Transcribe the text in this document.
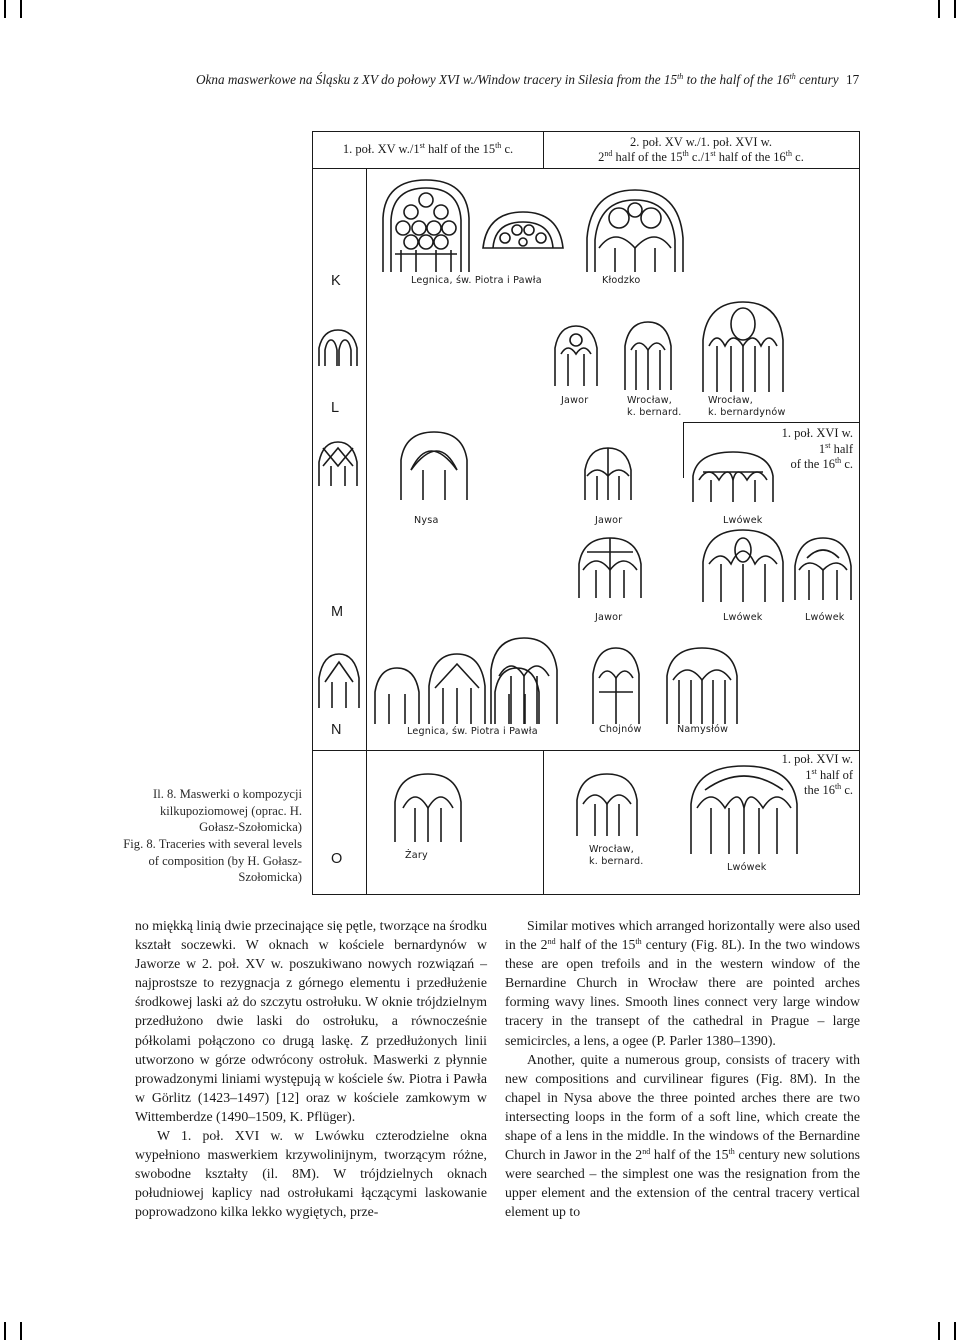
Okna maswerkowe na Śląsku z XV do połowy XVI w./Window tracery in Silesia from the 15th to the half of the 16th century 17
1. poł. XV w./1st half of the 15th c.	2. poł. XV w./1. poł. XVI w.
2nd half of the 15th c./1st half of the 16th c.
K
L
M
N
O
Legnica, św. Piotra i Pawła	Kłodzko
Jawor	Wrocław,
k. bernard.
Wrocław,
k. bernardynów
1. poł. XVI w.
1st half
of the 16th c.
Nysa	Jawor	Lwówek
Jawor	Lwówek	Lwówek
Legnica, św. Piotra i Pawła	Chojnów	Namysłów
1. poł. XVI w.
1st half of
the 16th c.
Żary
Wrocław,
k. bernard.
Lwówek
Il. 8. Maswerki o kompozycji kilkupoziomowej (oprac. H. Gołasz-Szołomicka)
Fig. 8. Traceries with several levels of composition (by H. Gołasz-Szołomicka)

no miękką linią dwie przecinające się pętle, tworzące na środku kształt soczewki. W oknach w kościele bernardynów w Jaworze w 2. poł. XV w. poszukiwano nowych rozwiązań – najprostsze to rezygnacja z górnego elementu i przedłużenie środkowej laski aż do szczytu ostrołuku. W oknie trójdzielnym przedłużono dwie laski do ostrołuku, a równocześnie półkolami połączono co drugą laskę. Z przedłużonych linii utworzono w górze odwrócony ostrołuk. Maswerki z płynnie prowadzonymi liniami występują w kościele św. Piotra i Pawła w Görlitz (1423–1497) [12] oraz w kościele zamkowym w Wittemberdze (1490–1509, K. Pflüger).

W 1. poł. XVI w. w Lwówku czterodzielne okna wypełniono maswerkiem krzywolinijnym, tworzącym różne, swobodne kształty (il. 8M). W trójdzielnych oknach południowej kaplicy nad ostrołukami łączącymi laskowanie poprowadzono kilka lekko wygiętych, prze-

Similar motives which arranged horizontally were also used in the 2nd half of the 15th century (Fig. 8L). In the two windows these are open trefoils and in the western window of the Bernardine Church in Wrocław there are pointed arches forming wavy lines. Smooth lines connect very large window tracery in the transept of the cathedral in Prague – large semicircles, a lens, a ogee (P. Parler 1380–1390).

Another, quite a numerous group, consists of tracery with new compositions and curvilinear figures (Fig. 8M). In the chapel in Nysa above the three pointed arches there are two intersecting loops in the form of a soft line, which create the shape of a lens in the middle. In the windows of the Bernardine Church in Jawor in the 2nd half of the 15th century new solutions were searched – the simplest one was the resignation from the upper element and the extension of the central tracery vertical element up to
